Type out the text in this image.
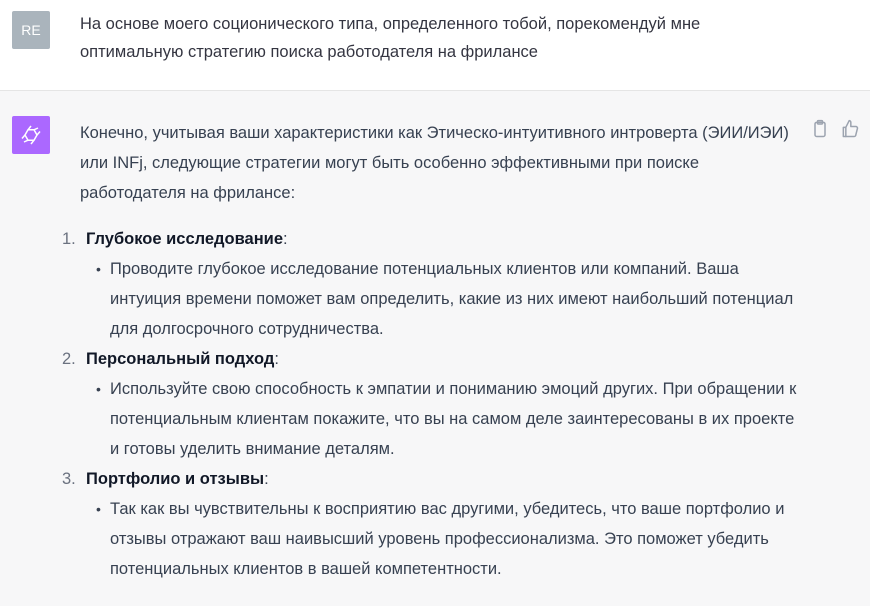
RE На основе моего соционического типа, определенного тобой, порекомендуй мне оптимальную стратегию поиска работодателя на фрилансе

Конечно, учитывая ваши характеристики как Этическо-интуитивного интроверта (ЭИИ/ИЭИ) или INFj, следующие стратегии могут быть особенно эффективными при поиске работодателя на фрилансе:

1. Глубокое исследование:
• Проводите глубокое исследование потенциальных клиентов или компаний. Ваша интуиция времени поможет вам определить, какие из них имеют наибольший потенциал для долгосрочного сотрудничества.
2. Персональный подход:
• Используйте свою способность к эмпатии и пониманию эмоций других. При обращении к потенциальным клиентам покажите, что вы на самом деле заинтересованы в их проекте и готовы уделить внимание деталям.
3. Портфолио и отзывы:
• Так как вы чувствительны к восприятию вас другими, убедитесь, что ваше портфолио и отзывы отражают ваш наивысший уровень профессионализма. Это поможет убедить потенциальных клиентов в вашей компетентности.
